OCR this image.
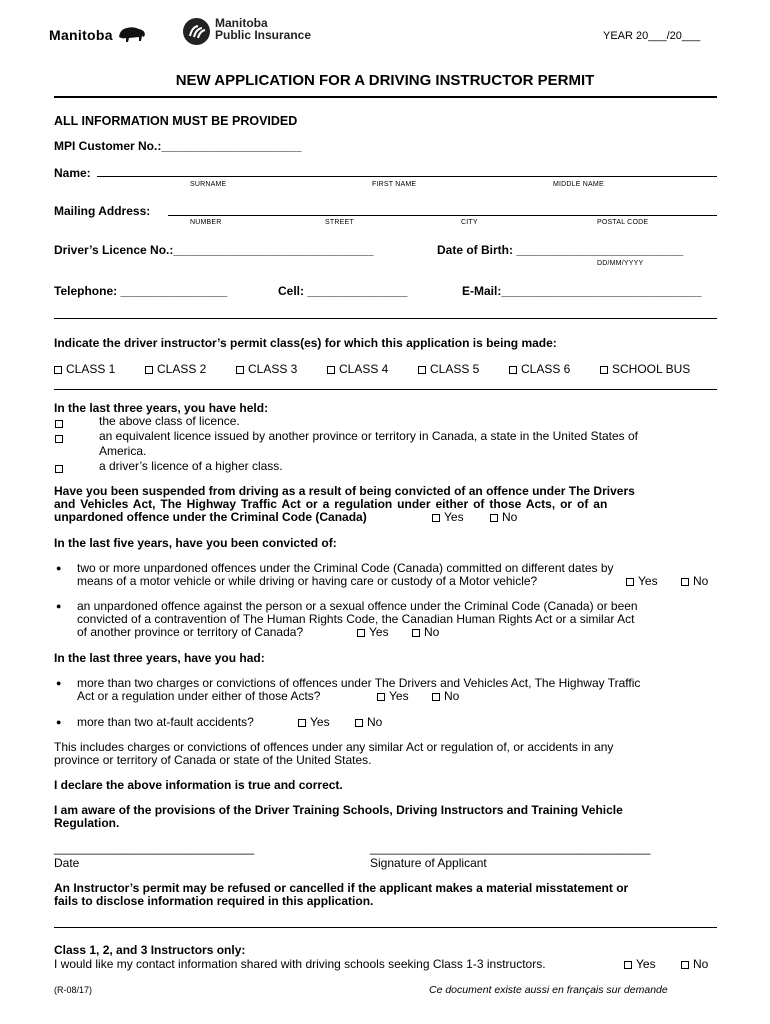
Manitoba
Manitoba
Public Insurance	YEAR 20___/20___
NEW APPLICATION FOR A DRIVING INSTRUCTOR PERMIT
ALL INFORMATION MUST BE PROVIDED
MPI Customer No.:_____________________
Name:
SURNAME	FIRST NAME	MIDDLE NAME
Mailing Address:
NUMBER	STREET	CITY	POSTAL CODE
Driver’s Licence No.:______________________________	Date of Birth: _________________________
DD/MM/YYYY
Telephone: ________________	Cell: _______________	E-Mail:______________________________
Indicate the driver instructor’s permit class(es) for which this application is being made:
CLASS 1	CLASS 2	CLASS 3	CLASS 4	CLASS 5	CLASS 6	SCHOOL BUS
In the last three years, you have held:
the above class of licence.
an equivalent licence issued by another province or territory in Canada, a state in the United States of
America.
a driver’s licence of a higher class.
Have you been suspended from driving as a result of being convicted of an offence under The Drivers
and Vehicles Act, The Highway Traffic Act or a regulation under either of those Acts, or of an
unpardoned offence under the Criminal Code (Canada)	Yes	No
In the last five years, have you been convicted of:
● two or more unpardoned offences under the Criminal Code (Canada) committed on different dates by
means of a motor vehicle or while driving or having care or custody of a Motor vehicle?	Yes	No
● an unpardoned offence against the person or a sexual offence under the Criminal Code (Canada) or been
convicted of a contravention of The Human Rights Code, the Canadian Human Rights Act or a similar Act
of another province or territory of Canada?	Yes	No
In the last three years, have you had:
● more than two charges or convictions of offences under The Drivers and Vehicles Act, The Highway Traffic
Act or a regulation under either of those Acts?	Yes	No
● more than two at-fault accidents?	Yes	No
This includes charges or convictions of offences under any similar Act or regulation of, or accidents in any
province or territory of Canada or state of the United States.
I declare the above information is true and correct.
I am aware of the provisions of the Driver Training Schools, Driving Instructors and Training Vehicle
Regulation.
______________________________
Date
__________________________________________
Signature of Applicant
An Instructor’s permit may be refused or cancelled if the applicant makes a material misstatement or
fails to disclose information required in this application.
Class 1, 2, and 3 Instructors only:
I would like my contact information shared with driving schools seeking Class 1-3 instructors.	Yes	No
(R-08/17)	Ce document existe aussi en français sur demande
